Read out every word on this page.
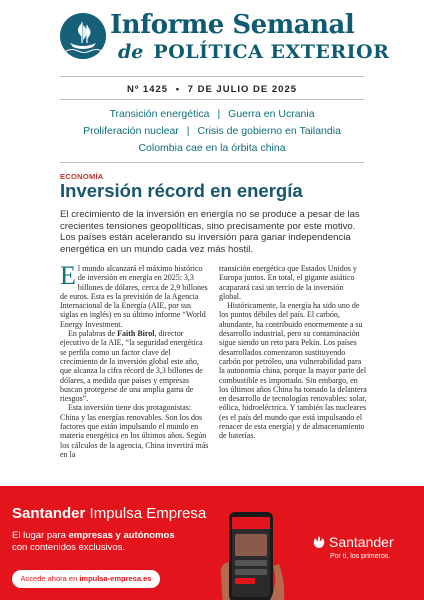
Informe Semanal
de POLÍTICA EXTERIOR
Nº 1425 • 7 DE JULIO DE 2025
Transición energética | Guerra en Ucrania
Proliferación nuclear | Crisis de gobierno en Tailandia
Colombia cae en la órbita china
ECONOMÍA
Inversión récord en energía
El crecimiento de la inversión en energía no se produce a pesar de las crecientes tensiones geopolíticas, sino precisamente por este motivo. Los países están acelerando su inversión para ganar independencia energética en un mundo cada vez más hostil.

El mundo alcanzará el máximo histórico de inversión en energía en 2025: 3,3 billones de dólares, cerca de 2,9 billones de euros. Esta es la previsión de la Agencia Internacional de la Energía (AIE, por sus siglas en inglés) en su último informe “World Energy Investment.

En palabras de Faith Birol, director ejecutivo de la AIE, “la seguridad energética se perfila como un factor clave del crecimiento de la inversión global este año, que alcanza la cifra récord de 3,3 billones de dólares, a medida que países y empresas buscan protegerse de una amplia gama de riesgos”.

Esta inversión tiene dos protagonistas: China y las energías renovables. Son los dos factores que están impulsando el mundo en materia energética en los últimos años. Según los cálculos de la agencia, China invertirá más en la

transición energética que Estados Unidos y Europa juntos. En total, el gigante asiático acaparará casi un tercio de la inversión global.

Históricamente, la energía ha sido uno de los puntos débiles del país. El carbón, abundante, ha contribuido enormemente a su desarrollo industrial, pero su contaminación sigue siendo un reto para Pekín. Los países desarrollados comenzaron sustituyendo carbón por petróleo, una vulnerabilidad para la autonomía china, porque la mayor parte del combustible es importado. Sin embargo, en los últimos años China ha tomado la delantera en desarrollo de tecnologías renovables: solar, eólica, hidroeléctrica. Y también las nucleares (es el país del mundo que está impulsando el renacer de esta energía) y de almacenamiento de baterías.

Santander Impulsa Empresa
El lugar para empresas y autónomos
con contenidos exclusivos.
Accede ahora en impulsa-empresa.es
Santander
Por ti, los primeros.
